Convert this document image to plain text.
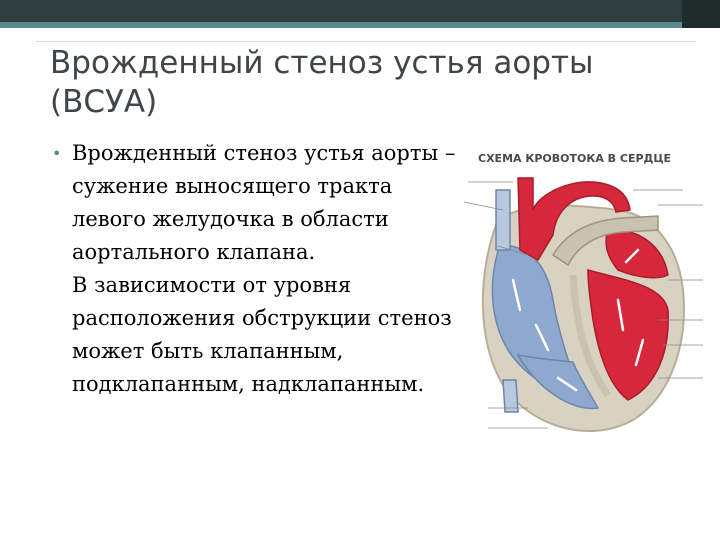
Врожденный стеноз устья аорты (ВСУА)
• Врожденный стеноз устья аорты – сужение выносящего тракта левого желудочка в области аортального клапана.

В зависимости от уровня расположения обструкции стеноз может быть клапанным, подклапанным, надклапанным.

СХЕМА КРОВОТОКА В СЕРДЦЕ
